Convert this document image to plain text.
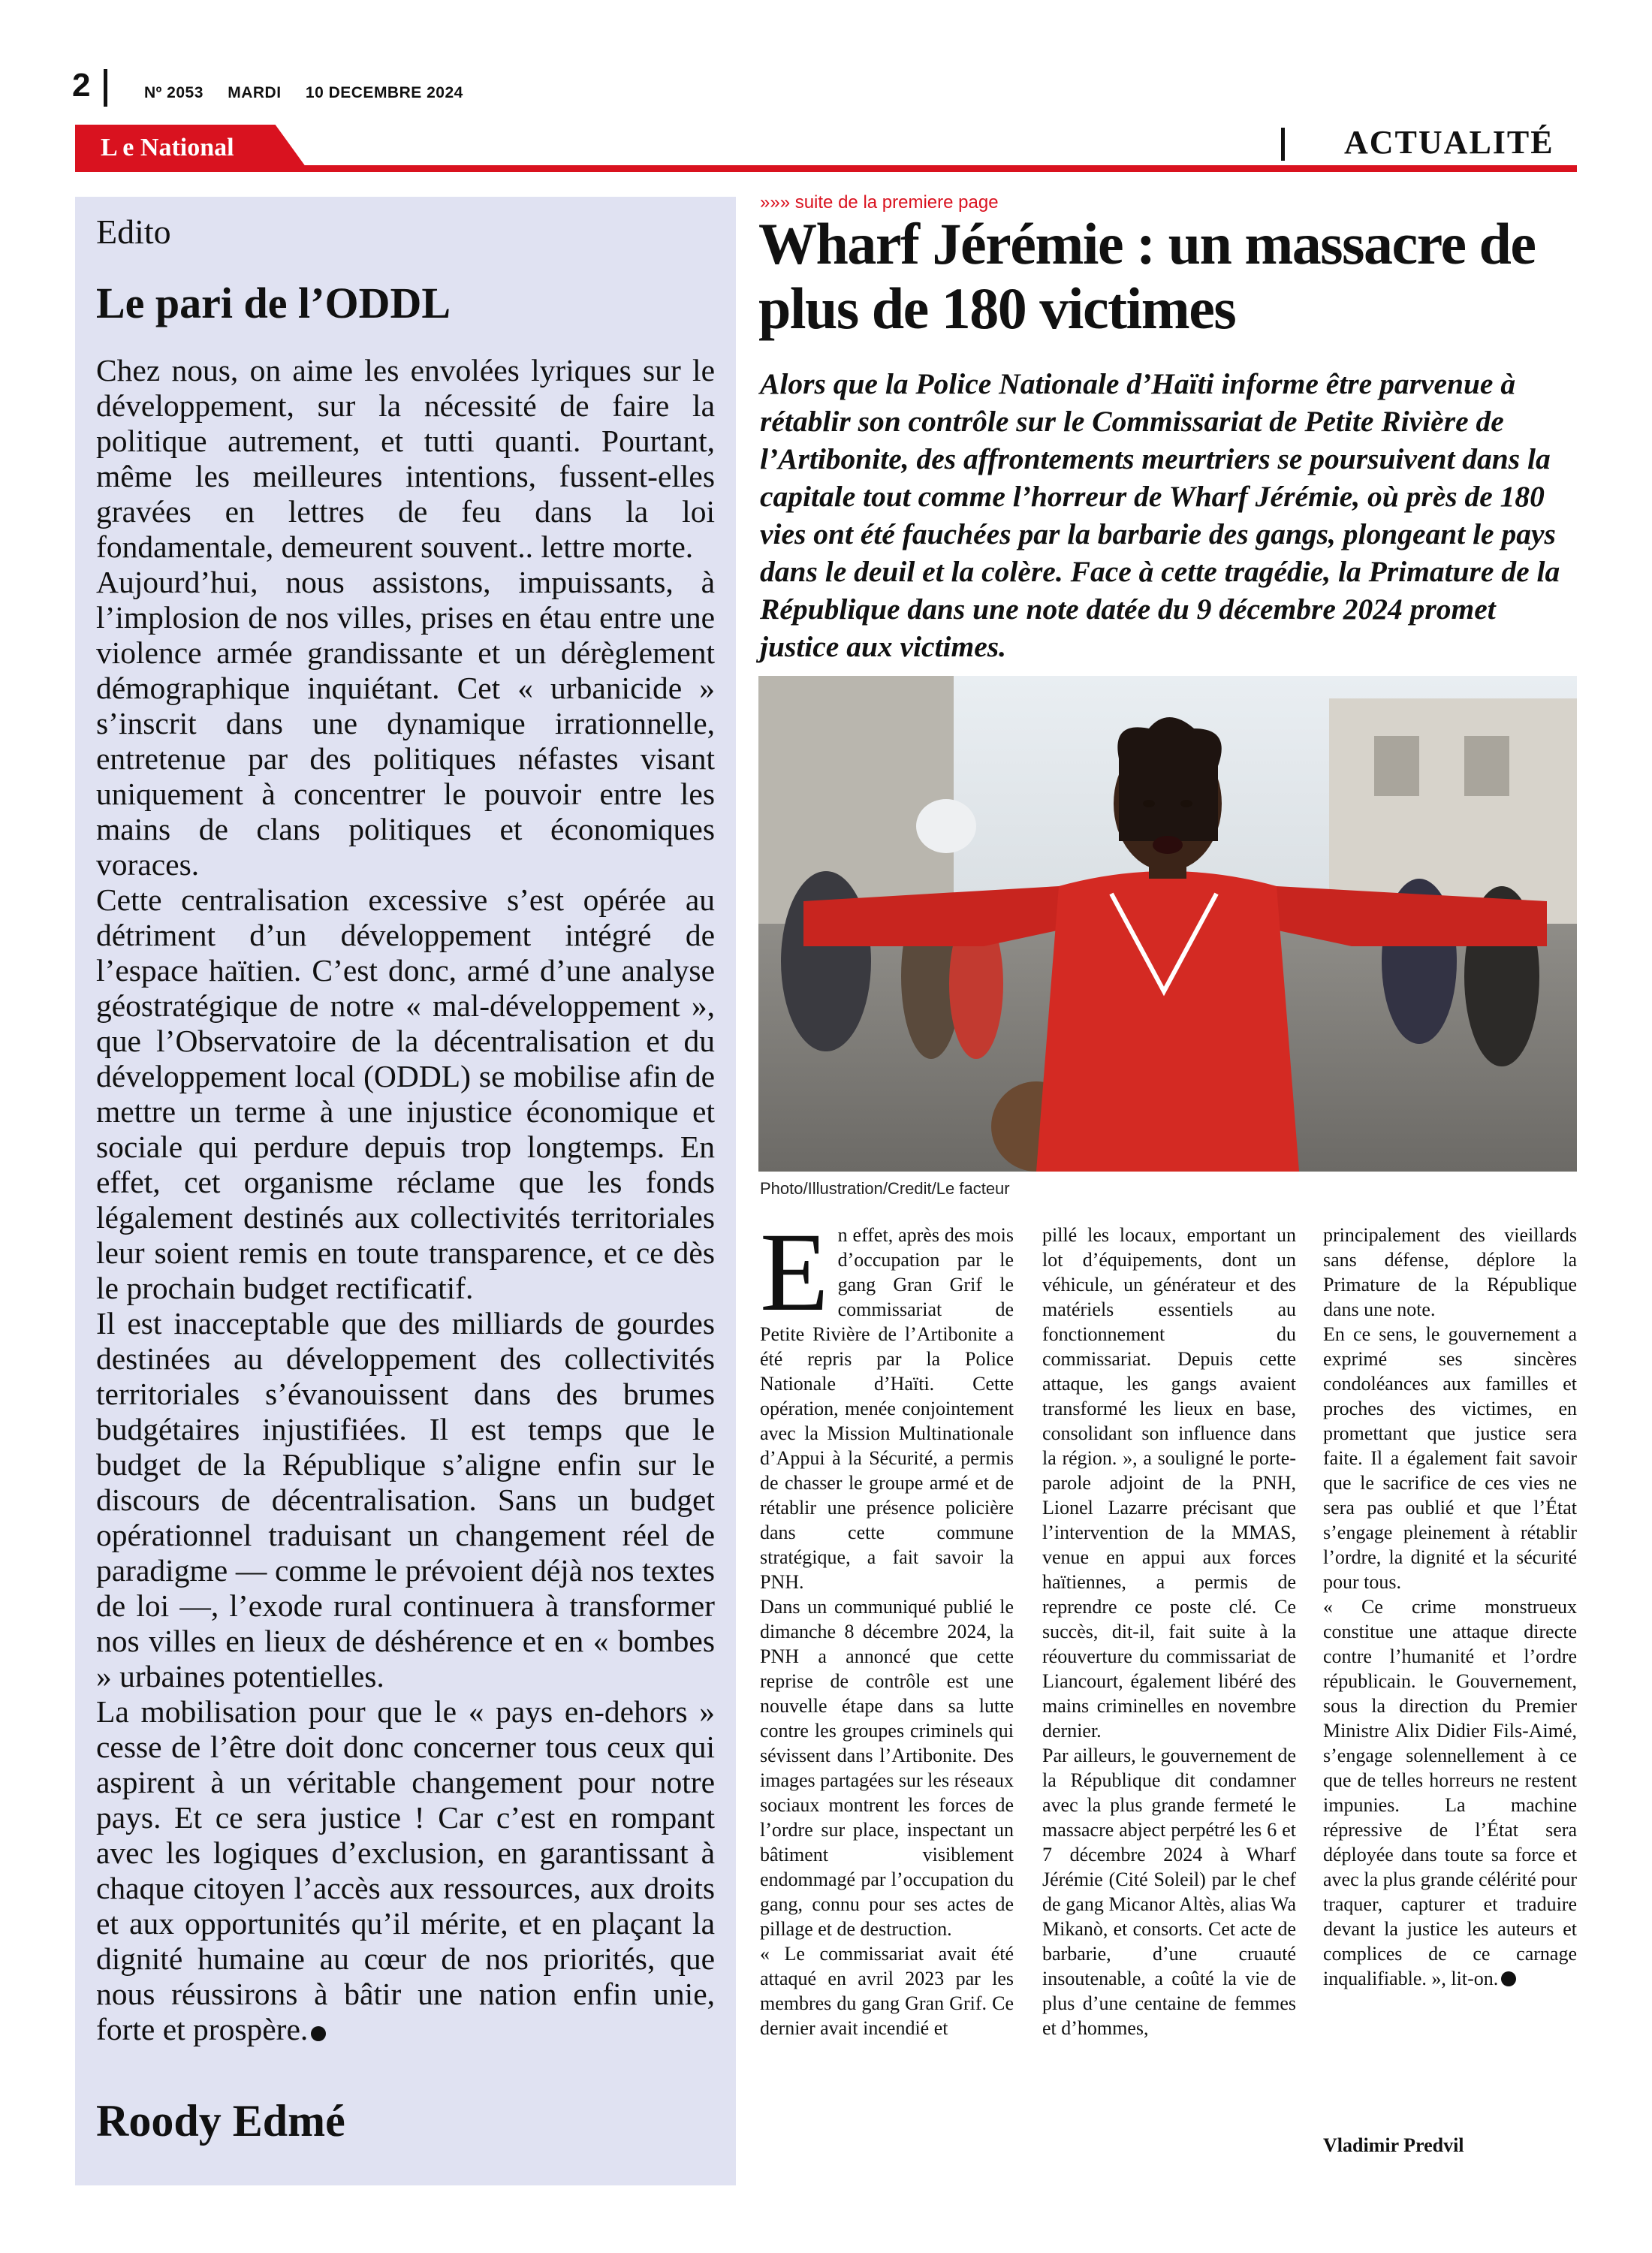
2	Nº 2053 MARDI 10 DECEMBRE 2024
L e National	ACTUALITÉ
Edito
Le pari de l’ODDL

Chez nous, on aime les envolées lyriques sur le développement, sur la nécessité de faire la politique autrement, et tutti quanti. Pourtant, même les meilleures intentions, fussent-elles gravées en lettres de feu dans la loi fondamentale, demeurent souvent.. lettre morte.

Aujourd’hui, nous assistons, impuissants, à l’implosion de nos villes, prises en étau entre une violence armée grandissante et un dérèglement démographique inquiétant. Cet « urbanicide » s’inscrit dans une dynamique irrationnelle, entretenue par des politiques néfastes visant uniquement à concentrer le pouvoir entre les mains de clans politiques et économiques voraces.

Cette centralisation excessive s’est opérée au détriment d’un développement intégré de l’espace haïtien. C’est donc, armé d’une analyse géostratégique de notre « mal-développement », que l’Observatoire de la décentralisation et du développement local (ODDL) se mobilise afin de mettre un terme à une injustice économique et sociale qui perdure depuis trop longtemps. En effet, cet organisme réclame que les fonds légalement destinés aux collectivités territoriales leur soient remis en toute transparence, et ce dès le prochain budget rectificatif.

Il est inacceptable que des milliards de gourdes destinées au développement des collectivités territoriales s’évanouissent dans des brumes budgétaires injustifiées. Il est temps que le budget de la République s’aligne enfin sur le discours de décentralisation. Sans un budget opérationnel traduisant un changement réel de paradigme — comme le prévoient déjà nos textes de loi —, l’exode rural continuera à transformer nos villes en lieux de déshérence et en « bombes » urbaines potentielles.

La mobilisation pour que le « pays en-dehors » cesse de l’être doit donc concerner tous ceux qui aspirent à un véritable changement pour notre pays. Et ce sera justice ! Car c’est en rompant avec les logiques d’exclusion, en garantissant à chaque citoyen l’accès aux ressources, aux droits et aux opportunités qu’il mérite, et en plaçant la dignité humaine au cœur de nos priorités, que nous réussirons à bâtir une nation enfin unie, forte et prospère.

Roody Edmé
»»» suite de la premiere page
Wharf Jérémie : un massacre de plus de 180 victimes
Alors que la Police Nationale d’Haïti informe être parvenue à rétablir son contrôle sur le Commissariat de Petite Rivière de l’Artibonite, des affrontements meurtriers se poursuivent dans la capitale tout comme l’horreur de Wharf Jérémie, où près de 180 vies ont été fauchées par la barbarie des gangs, plongeant le pays dans le deuil et la colère. Face à cette tragédie, la Primature de la République dans une note datée du 9 décembre 2024 promet justice aux victimes.
Photo/Illustration/Credit/Le facteur

En effet, après des mois d’occupation par le gang Gran Grif le commissariat de Petite Rivière de l’Artibonite a été repris par la Police Nationale d’Haïti. Cette opération, menée conjointement avec la Mission Multinationale d’Appui à la Sécurité, a permis de chasser le groupe armé et de rétablir une présence policière dans cette commune stratégique, a fait savoir la PNH.

Dans un communiqué publié le dimanche 8 décembre 2024, la PNH a annoncé que cette reprise de contrôle est une nouvelle étape dans sa lutte contre les groupes criminels qui sévissent dans l’Artibonite. Des images partagées sur les réseaux sociaux montrent les forces de l’ordre sur place, inspectant un bâtiment visiblement endommagé par l’occupation du gang, connu pour ses actes de pillage et de destruction.

« Le commissariat avait été attaqué en avril 2023 par les membres du gang Gran Grif. Ce dernier avait incendié et

pillé les locaux, emportant un lot d’équipements, dont un véhicule, un générateur et des matériels essentiels au fonctionnement du commissariat. Depuis cette attaque, les gangs avaient transformé les lieux en base, consolidant son influence dans la région. », a souligné le porte-parole adjoint de la PNH, Lionel Lazarre précisant que l’intervention de la MMAS, venue en appui aux forces haïtiennes, a permis de reprendre ce poste clé. Ce succès, dit-il, fait suite à la réouverture du commissariat de Liancourt, également libéré des mains criminelles en novembre dernier.

Par ailleurs, le gouvernement de la République dit condamner avec la plus grande fermeté le massacre abject perpétré les 6 et 7 décembre 2024 à Wharf Jérémie (Cité Soleil) par le chef de gang Micanor Altès, alias Wa Mikanò, et consorts. Cet acte de barbarie, d’une cruauté insoutenable, a coûté la vie de plus d’une centaine de femmes et d’hommes,

principalement des vieillards sans défense, déplore la Primature de la République dans une note.

En ce sens, le gouvernement a exprimé ses sincères condoléances aux familles et proches des victimes, en promettant que justice sera faite. Il a également fait savoir que le sacrifice de ces vies ne sera pas oublié et que l’État s’engage pleinement à rétablir l’ordre, la dignité et la sécurité pour tous.

« Ce crime monstrueux constitue une attaque directe contre l’humanité et l’ordre républicain. le Gouvernement, sous la direction du Premier Ministre Alix Didier Fils-Aimé, s’engage solennellement à ce que de telles horreurs ne restent impunies. La machine répressive de l’État sera déployée dans toute sa force et avec la plus grande célérité pour traquer, capturer et traduire devant la justice les auteurs et complices de ce carnage inqualifiable. », lit-on.

Vladimir Predvil
